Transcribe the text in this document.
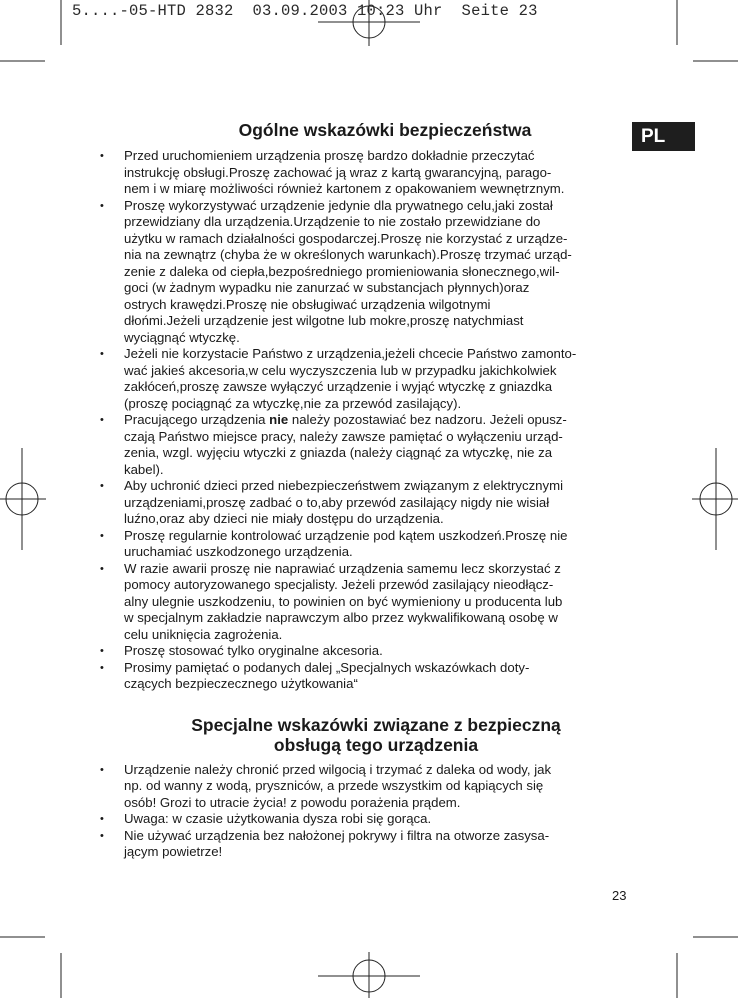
5....-05-HTD 2832  03.09.2003 10:23 Uhr  Seite 23
PL
Ogólne wskazówki bezpieczeństwa
• Przed uruchomieniem urządzenia proszę bardzo dokładnie przeczytać
instrukcję obsługi.Proszę zachować ją wraz z kartą gwarancyjną, parago-
nem i w miarę możliwości również kartonem z opakowaniem wewnętrznym.
• Proszę wykorzystywać urządzenie jedynie dla prywatnego celu,jaki został
przewidziany dla urządzenia.Urządzenie to nie zostało przewidziane do
użytku w ramach działalności gospodarczej.Proszę nie korzystać z urządze-
nia na zewnątrz (chyba że w określonych warunkach).Proszę trzymać urząd-
zenie z daleka od ciepła,bezpośredniego promieniowania słonecznego,wil-
goci (w żadnym wypadku nie zanurzać w substancjach płynnych)oraz
ostrych krawędzi.Proszę nie obsługiwać urządzenia wilgotnymi
dłońmi.Jeżeli urządzenie jest wilgotne lub mokre,proszę natychmiast
wyciągnąć wtyczkę.
• Jeżeli nie korzystacie Państwo z urządzenia,jeżeli chcecie Państwo zamonto-
wać jakieś akcesoria,w celu wyczyszczenia lub w przypadku jakichkolwiek
zakłóceń,proszę zawsze wyłączyć urządzenie i wyjąć wtyczkę z gniazdka
(proszę pociągnąć za wtyczkę,nie za przewód zasilający).
• Pracującego urządzenia nie należy pozostawiać bez nadzoru. Jeżeli opusz-
czają Państwo miejsce pracy, należy zawsze pamiętać o wyłączeniu urząd-
zenia, wzgl. wyjęciu wtyczki z gniazda (należy ciągnąć za wtyczkę, nie za
kabel).
• Aby uchronić dzieci przed niebezpieczeństwem związanym z elektrycznymi
urządzeniami,proszę zadbać o to,aby przewód zasilający nigdy nie wisiał
luźno,oraz aby dzieci nie miały dostępu do urządzenia.
• Proszę regularnie kontrolować urządzenie pod kątem uszkodzeń.Proszę nie
uruchamiać uszkodzonego urządzenia.
• W razie awarii proszę nie naprawiać urządzenia samemu lecz skorzystać z
pomocy autoryzowanego specjalisty. Jeżeli przewód zasilający nieodłącz-
alny ulegnie uszkodzeniu, to powinien on być wymieniony u producenta lub
w specjalnym zakładzie naprawczym albo przez wykwalifikowaną osobę w
celu uniknięcia zagrożenia.
• Proszę stosować tylko oryginalne akcesoria.
• Prosimy pamiętać o podanych dalej „Specjalnych wskazówkach doty-
czących bezpieczecznego użytkowania“
Specjalne wskazówki związane z bezpieczną
obsługą tego urządzenia
• Urządzenie należy chronić przed wilgocią i trzymać z daleka od wody, jak
np. od wanny z wodą, pryszniców, a przede wszystkim od kąpiących się
osób! Grozi to utracie życia! z powodu porażenia prądem.
• Uwaga: w czasie użytkowania dysza robi się gorąca.
• Nie używać urządzenia bez nałożonej pokrywy i filtra na otworze zasysa-
jącym powietrze!
23
